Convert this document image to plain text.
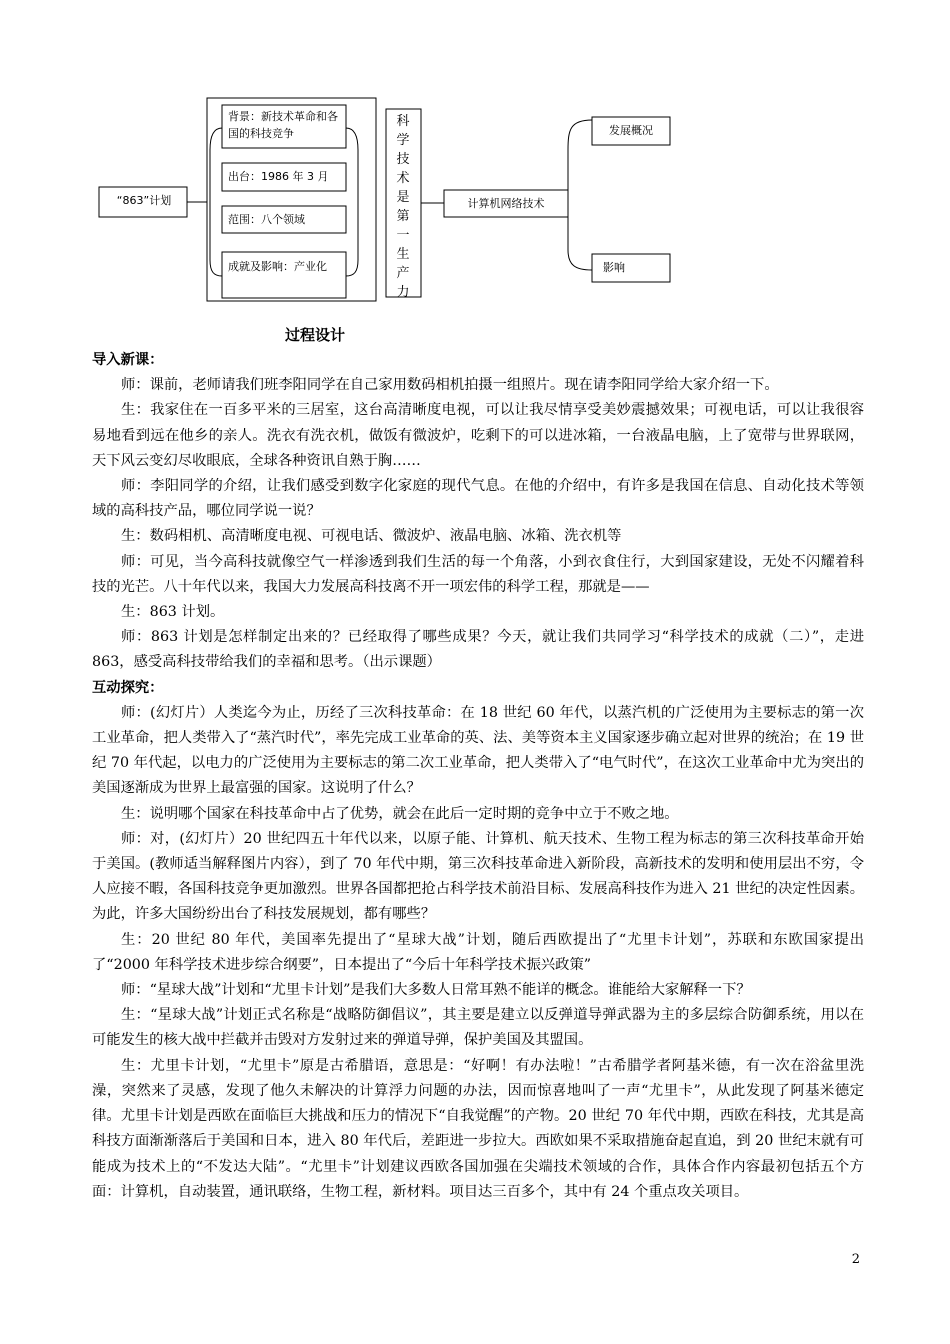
“863”计划
背景：新技术革命和各国的科技竞争
出台：1986 年 3 月
范围：八个领域
成就及影响：产业化
科
学
技
术
是
第
一
生
产
力
计算机网络技术
发展概况
影响
过程设计
导入新课：

师：课前，老师请我们班李阳同学在自己家用数码相机拍摄一组照片。现在请李阳同学给大家介绍一下。

生：我家住在一百多平米的三居室，这台高清晰度电视，可以让我尽情享受美妙震撼效果；可视电话，可以让我很容易地看到远在他乡的亲人。洗衣有洗衣机，做饭有微波炉，吃剩下的可以进冰箱，一台液晶电脑，上了宽带与世界联网，天下风云变幻尽收眼底，全球各种资讯自熟于胸……

师：李阳同学的介绍，让我们感受到数字化家庭的现代气息。在他的介绍中，有许多是我国在信息、自动化技术等领域的高科技产品，哪位同学说一说？

生：数码相机、高清晰度电视、可视电话、微波炉、液晶电脑、冰箱、洗衣机等

师：可见，当今高科技就像空气一样渗透到我们生活的每一个角落，小到衣食住行，大到国家建设，无处不闪耀着科技的光芒。八十年代以来，我国大力发展高科技离不开一项宏伟的科学工程，那就是——

生：863 计划。

师：863 计划是怎样制定出来的？已经取得了哪些成果？今天，就让我们共同学习“科学技术的成就（二）”，走进 863，感受高科技带给我们的幸福和思考。（出示课题）

互动探究：

师：(幻灯片）人类迄今为止，历经了三次科技革命：在 18 世纪 60 年代，以蒸汽机的广泛使用为主要标志的第一次工业革命，把人类带入了“蒸汽时代”，率先完成工业革命的英、法、美等资本主义国家逐步确立起对世界的统治；在 19 世纪 70 年代起，以电力的广泛使用为主要标志的第二次工业革命，把人类带入了“电气时代”，在这次工业革命中尤为突出的美国逐渐成为世界上最富强的国家。这说明了什么？

生：说明哪个国家在科技革命中占了优势，就会在此后一定时期的竞争中立于不败之地。

师：对，(幻灯片）20 世纪四五十年代以来，以原子能、计算机、航天技术、生物工程为标志的第三次科技革命开始于美国。(教师适当解释图片内容），到了 70 年代中期，第三次科技革命进入新阶段，高新技术的发明和使用层出不穷，令人应接不暇，各国科技竞争更加激烈。世界各国都把抢占科学技术前沿目标、发展高科技作为进入 21 世纪的决定性因素。为此，许多大国纷纷出台了科技发展规划，都有哪些？

生：20 世纪 80 年代，美国率先提出了“星球大战”计划，随后西欧提出了“尤里卡计划”，苏联和东欧国家提出了“2000 年科学技术进步综合纲要”，日本提出了“今后十年科学技术振兴政策”

师：“星球大战”计划和“尤里卡计划”是我们大多数人日常耳熟不能详的概念。谁能给大家解释一下？

生：“星球大战”计划正式名称是“战略防御倡议”，其主要是建立以反弹道导弹武器为主的多层综合防御系统，用以在可能发生的核大战中拦截并击毁对方发射过来的弹道导弹，保护美国及其盟国。

生：尤里卡计划，“尤里卡”原是古希腊语，意思是：“好啊！有办法啦！”古希腊学者阿基米德，有一次在浴盆里洗澡，突然来了灵感，发现了他久未解决的计算浮力问题的办法，因而惊喜地叫了一声“尤里卡”，从此发现了阿基米德定律。尤里卡计划是西欧在面临巨大挑战和压力的情况下“自我觉醒”的产物。20 世纪 70 年代中期，西欧在科技，尤其是高科技方面渐渐落后于美国和日本，进入 80 年代后，差距进一步拉大。西欧如果不采取措施奋起直追，到 20 世纪末就有可能成为技术上的“不发达大陆”。“尤里卡”计划建议西欧各国加强在尖端技术领域的合作，具体合作内容最初包括五个方面：计算机，自动装置，通讯联络，生物工程，新材料。项目达三百多个，其中有 24 个重点攻关项目。

2
